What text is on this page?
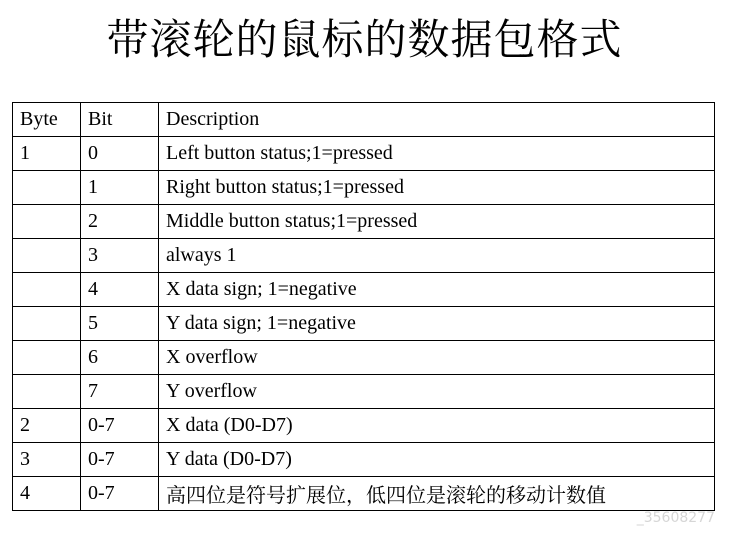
带滚轮的鼠标的数据包格式
Byte	Bit	Description
1	0	Left button status;1=pressed
	1	Right button status;1=pressed
	2	Middle button status;1=pressed
	3	always 1
	4	X data sign; 1=negative
	5	Y data sign; 1=negative
	6	X overflow
	7	Y overflow
2	0-7	X data (D0-D7)
3	0-7	Y data (D0-D7)
4	0-7	高四位是符号扩展位，低四位是滚轮的移动计数值
_35608277
